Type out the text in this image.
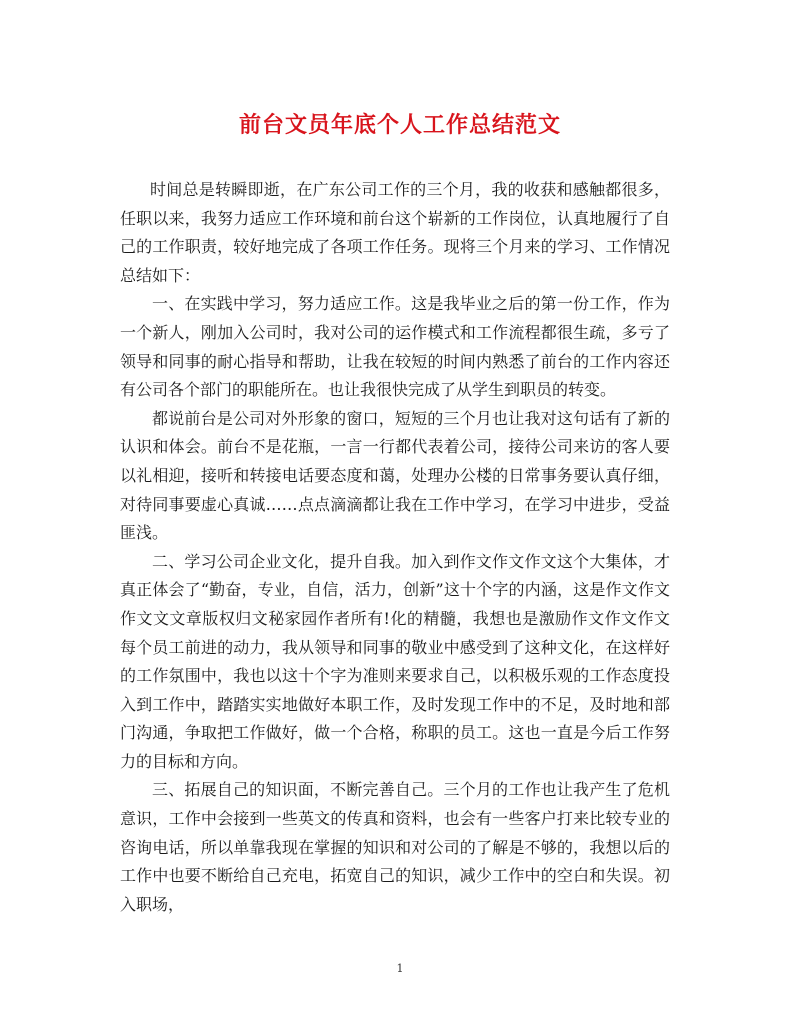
前台文员年底个人工作总结范文

时间总是转瞬即逝，在广东公司工作的三个月，我的收获和感触都很多，任职以来，我努力适应工作环境和前台这个崭新的工作岗位，认真地履行了自己的工作职责，较好地完成了各项工作任务。现将三个月来的学习、工作情况总结如下：

一、在实践中学习，努力适应工作。这是我毕业之后的第一份工作，作为一个新人，刚加入公司时，我对公司的运作模式和工作流程都很生疏，多亏了领导和同事的耐心指导和帮助，让我在较短的时间内熟悉了前台的工作内容还有公司各个部门的职能所在。也让我很快完成了从学生到职员的转变。

都说前台是公司对外形象的窗口，短短的三个月也让我对这句话有了新的认识和体会。前台不是花瓶，一言一行都代表着公司，接待公司来访的客人要以礼相迎，接听和转接电话要态度和蔼，处理办公楼的日常事务要认真仔细，对待同事要虚心真诚……点点滴滴都让我在工作中学习，在学习中进步，受益匪浅。

二、学习公司企业文化，提升自我。加入到作文作文作文这个大集体，才真正体会了“勤奋，专业，自信，活力，创新”这十个字的内涵，这是作文作文作文文文章版权归文秘家园作者所有!化的精髓，我想也是激励作文作文作文每个员工前进的动力，我从领导和同事的敬业中感受到了这种文化，在这样好的工作氛围中，我也以这十个字为准则来要求自己，以积极乐观的工作态度投入到工作中，踏踏实实地做好本职工作，及时发现工作中的不足，及时地和部门沟通，争取把工作做好，做一个合格，称职的员工。这也一直是今后工作努力的目标和方向。

三、拓展自己的知识面，不断完善自己。三个月的工作也让我产生了危机意识，工作中会接到一些英文的传真和资料，也会有一些客户打来比较专业的咨询电话，所以单靠我现在掌握的知识和对公司的了解是不够的，我想以后的工作中也要不断给自己充电，拓宽自己的知识，减少工作中的空白和失误。初入职场，

1
